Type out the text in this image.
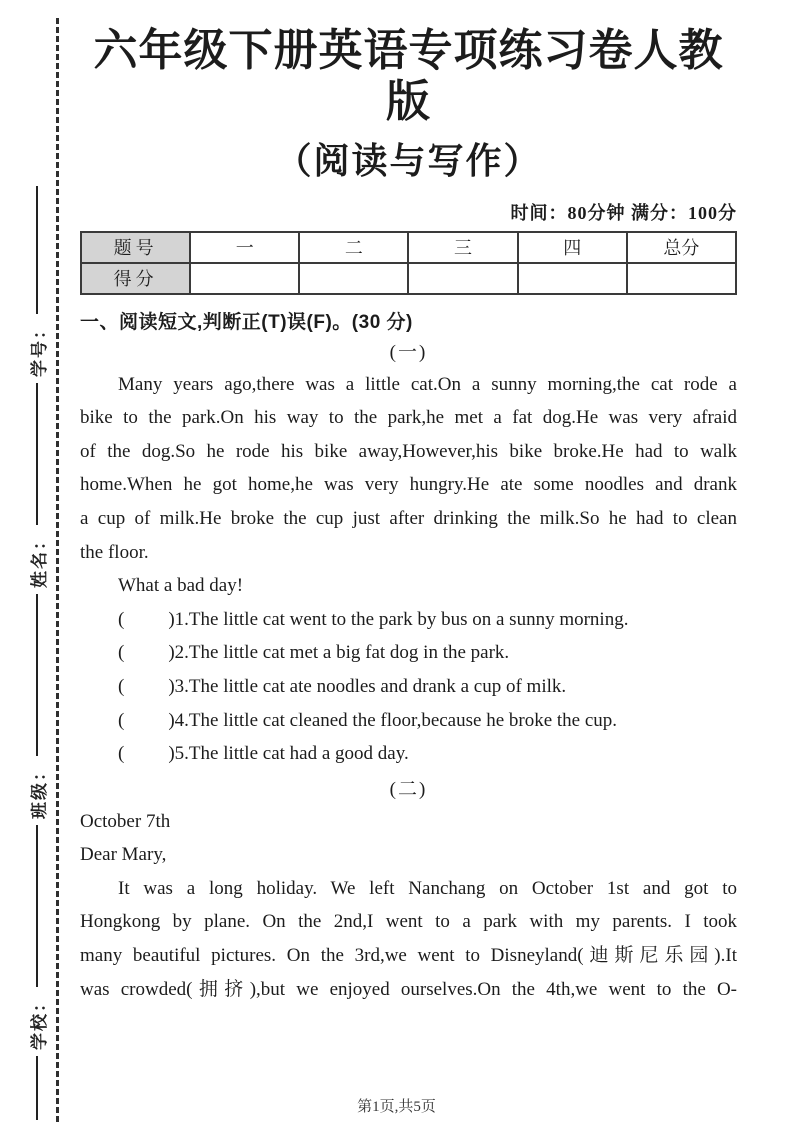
学校：
班级：
姓名：
学号：
六年级下册英语专项练习卷人教版
（阅读与写作）
时间：80分钟 满分：100分
题号	一	二	三	四	总分
得分					
一、阅读短文,判断正(T)误(F)。(30 分)
(一)
Many years ago,there was a little cat.On a sunny morning,the cat rode a
bike to the park.On his way to the park,he met a fat dog.He was very afraid
of the dog.So he rode his bike away,However,his bike broke.He had to walk
home.When he got home,he was very hungry.He ate some noodles and drank
a cup of milk.He broke the cup just after drinking the milk.So he had to clean
the floor.
What a bad day!
( )1.The little cat went to the park by bus on a sunny morning.
( )2.The little cat met a big fat dog in the park.
( )3.The little cat ate noodles and drank a cup of milk.
( )4.The little cat cleaned the floor,because he broke the cup.
( )5.The little cat had a good day.
(二)
October 7th
Dear Mary,
It was a long holiday. We left Nanchang on October 1st and got to
Hongkong by plane. On the 2nd,I went to a park with my parents. I took
many beautiful pictures. On the 3rd,we went to Disneyland(迪斯尼乐园).It
was crowded(拥挤),but we enjoyed ourselves.On the 4th,we went to the O-
第1页,共5页
